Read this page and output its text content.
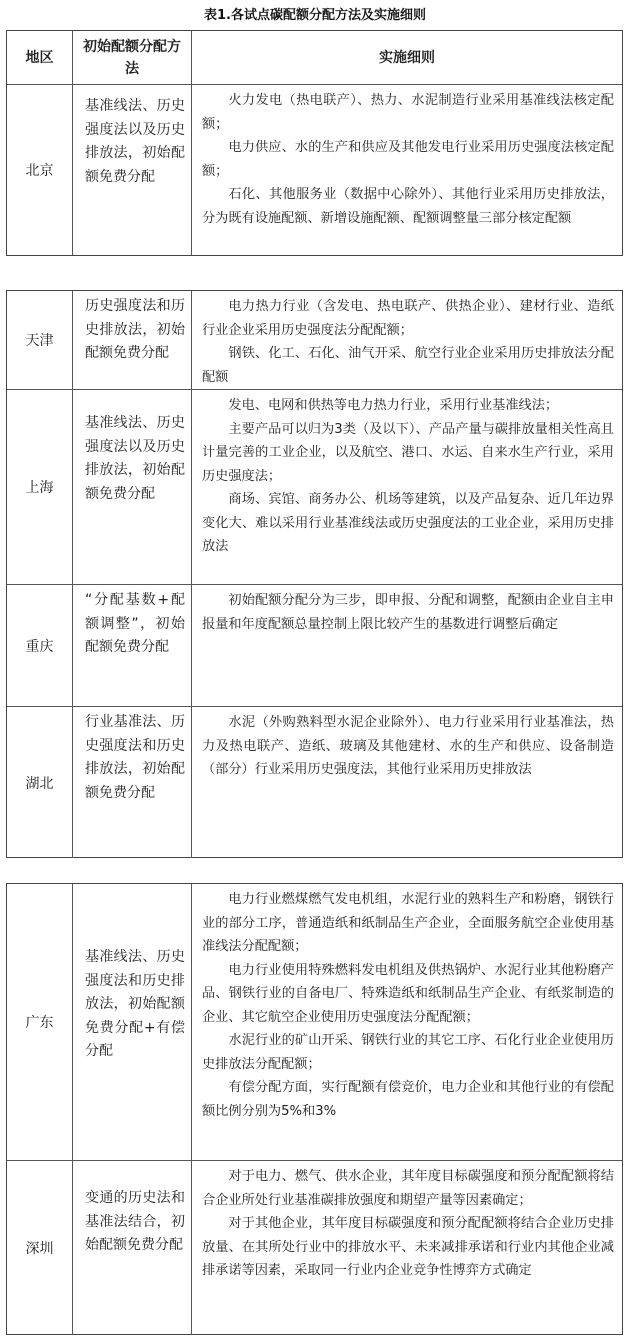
表1.各试点碳配额分配方法及实施细则
地区
初始配额分配方法
实施细则
北京
基准线法、历史强度法以及历史排放法，初始配额免费分配

火力发电（热电联产）、热力、水泥制造行业采用基准线法核定配额；

电力供应、水的生产和供应及其他发电行业采用历史强度法核定配额；

石化、其他服务业（数据中心除外）、其他行业采用历史排放法，分为既有设施配额、新增设施配额、配额调整量三部分核定配额

天津
历史强度法和历史排放法，初始配额免费分配

电力热力行业（含发电、热电联产、供热企业）、建材行业、造纸行业企业采用历史强度法分配配额；

钢铁、化工、石化、油气开采、航空行业企业采用历史排放法分配配额

上海
基准线法、历史强度法以及历史排放法，初始配额免费分配

发电、电网和供热等电力热力行业，采用行业基准线法；

主要产品可以归为3类（及以下）、产品产量与碳排放量相关性高且计量完善的工业企业，以及航空、港口、水运、自来水生产行业，采用历史强度法；

商场、宾馆、商务办公、机场等建筑，以及产品复杂、近几年边界变化大、难以采用行业基准线法或历史强度法的工业企业，采用历史排放法

重庆
“分配基数+配额调整”，初始配额免费分配

初始配额分配分为三步，即申报、分配和调整，配额由企业自主申报量和年度配额总量控制上限比较产生的基数进行调整后确定

湖北
行业基准法、历史强度法和历史排放法，初始配额免费分配

水泥（外购熟料型水泥企业除外）、电力行业采用行业基准法，热力及热电联产、造纸、玻璃及其他建材、水的生产和供应、设备制造（部分）行业采用历史强度法，其他行业采用历史排放法

广东
基准线法、历史强度法和历史排放法，初始配额免费分配+有偿分配

电力行业燃煤燃气发电机组，水泥行业的熟料生产和粉磨，钢铁行业的部分工序，普通造纸和纸制品生产企业，全面服务航空企业使用基准线法分配配额；

电力行业使用特殊燃料发电机组及供热锅炉、水泥行业其他粉磨产品、钢铁行业的自备电厂、特殊造纸和纸制品生产企业、有纸浆制造的企业、其它航空企业使用历史强度法分配配额；

水泥行业的矿山开采、钢铁行业的其它工序、石化行业企业使用历史排放法分配配额；

有偿分配方面，实行配额有偿竞价，电力企业和其他行业的有偿配额比例分别为5%和3%

深圳
变通的历史法和基准法结合，初始配额免费分配

对于电力、燃气、供水企业，其年度目标碳强度和预分配配额将结合企业所处行业基准碳排放强度和期望产量等因素确定；

对于其他企业，其年度目标碳强度和预分配配额将结合企业历史排放量、在其所处行业中的排放水平、未来减排承诺和行业内其他企业减排承诺等因素，采取同一行业内企业竞争性博弈方式确定
